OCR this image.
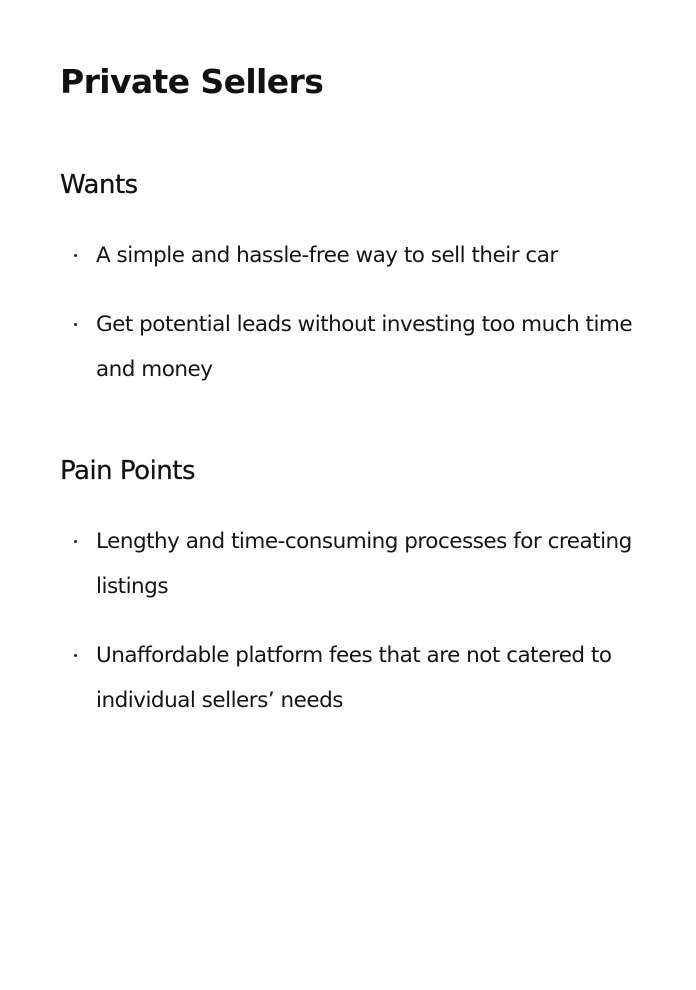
Private Sellers
Wants
A simple and hassle-free way to sell their car
Get potential leads without investing too much time and money
Pain Points
Lengthy and time-consuming processes for creating listings
Unaffordable platform fees that are not catered to individual sellers’ needs
